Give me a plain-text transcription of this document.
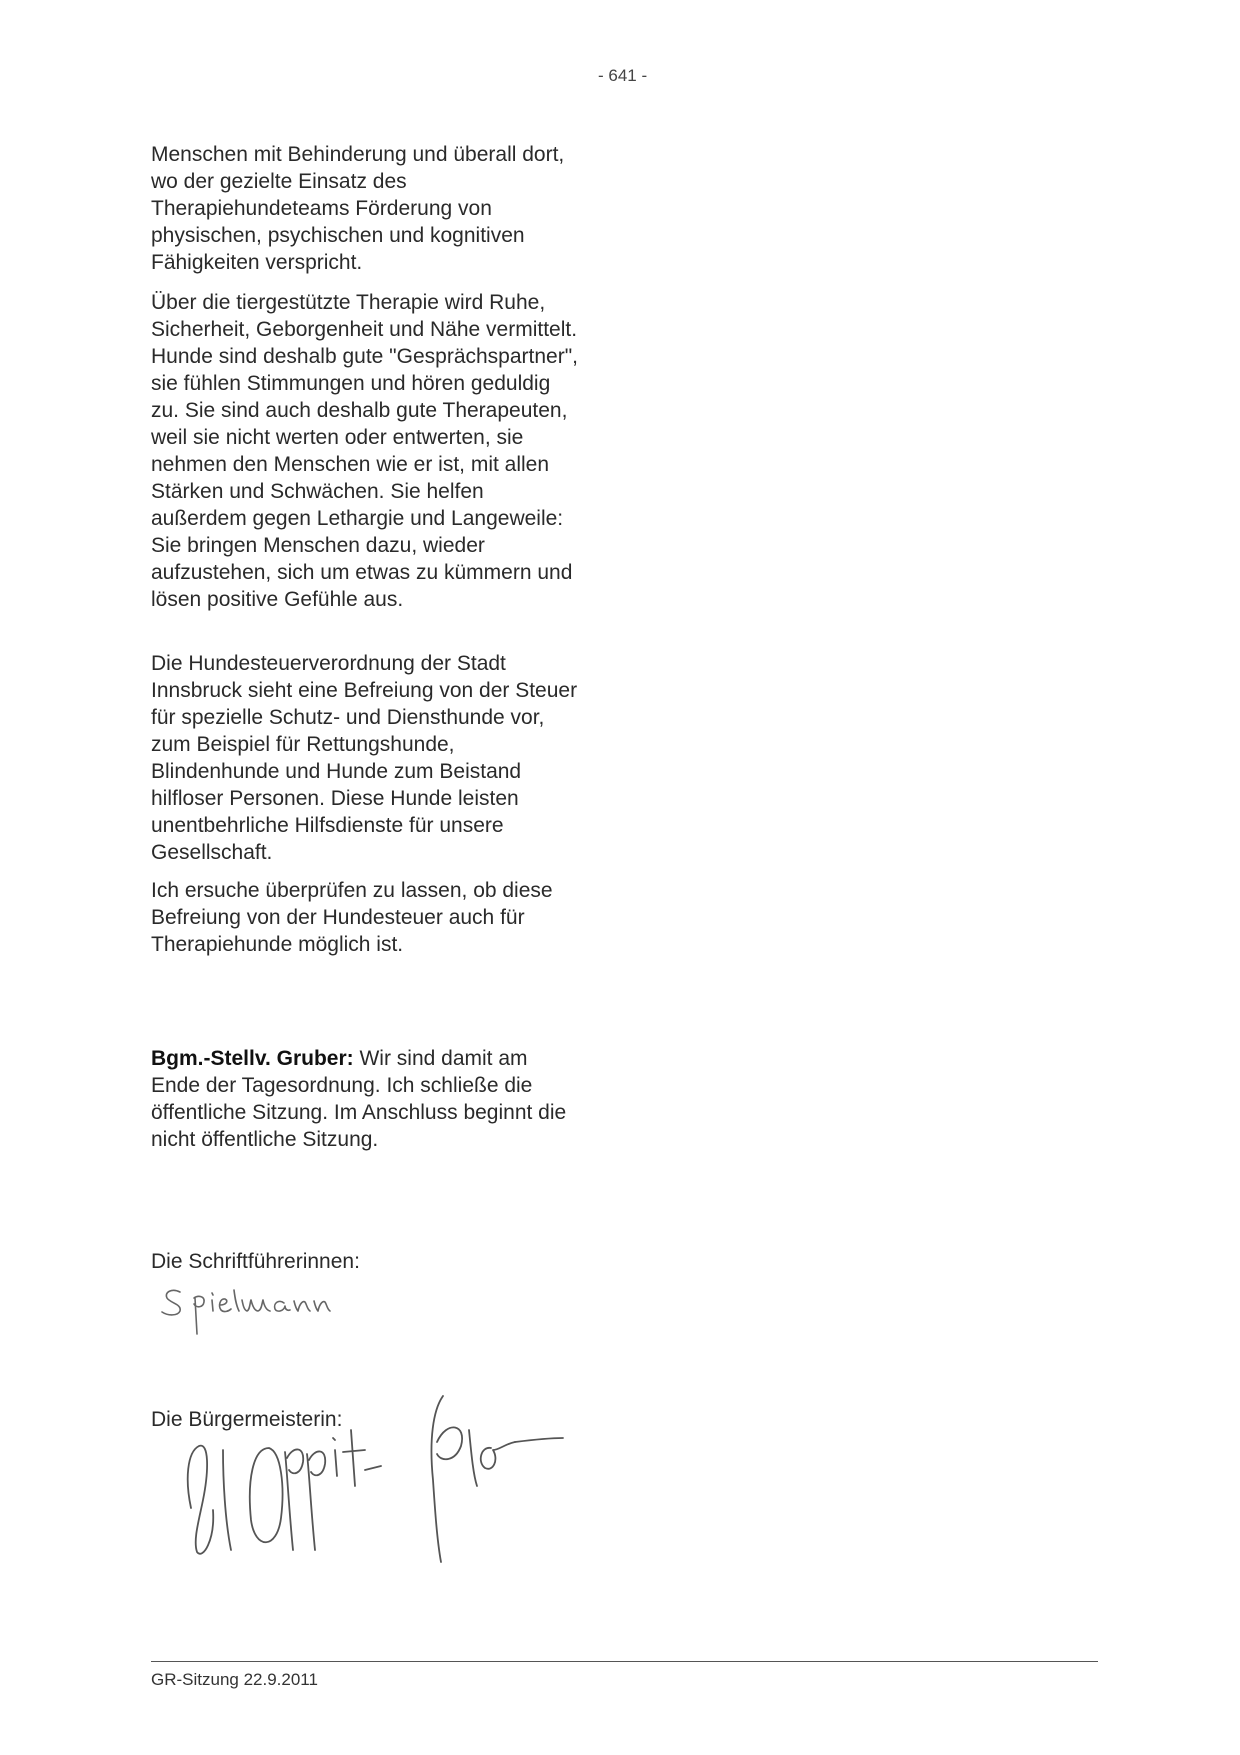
- 641 -

Menschen mit Behinderung und überall dort, wo der gezielte Einsatz des Therapiehundeteams Förderung von physischen, psychischen und kognitiven Fähigkeiten verspricht.

Über die tiergestützte Therapie wird Ruhe, Sicherheit, Geborgenheit und Nähe vermittelt. Hunde sind deshalb gute "Gesprächspartner", sie fühlen Stimmungen und hören geduldig zu. Sie sind auch deshalb gute Therapeuten, weil sie nicht werten oder entwerten, sie nehmen den Menschen wie er ist, mit allen Stärken und Schwächen. Sie helfen außerdem gegen Lethargie und Langeweile: Sie bringen Menschen dazu, wieder aufzustehen, sich um etwas zu kümmern und lösen positive Gefühle aus.

Die Hundesteuerverordnung der Stadt Innsbruck sieht eine Befreiung von der Steuer für spezielle Schutz- und Diensthunde vor, zum Beispiel für Rettungshunde, Blindenhunde und Hunde zum Beistand hilfloser Personen. Diese Hunde leisten unentbehrliche Hilfsdienste für unsere Gesellschaft.

Ich ersuche überprüfen zu lassen, ob diese Befreiung von der Hundesteuer auch für Therapiehunde möglich ist.

Bgm.-Stellv. Gruber: Wir sind damit am Ende der Tagesordnung. Ich schließe die öffentliche Sitzung. Im Anschluss beginnt die nicht öffentliche Sitzung.

Die Schriftführerinnen:
Die Bürgermeisterin:
GR-Sitzung 22.9.2011
